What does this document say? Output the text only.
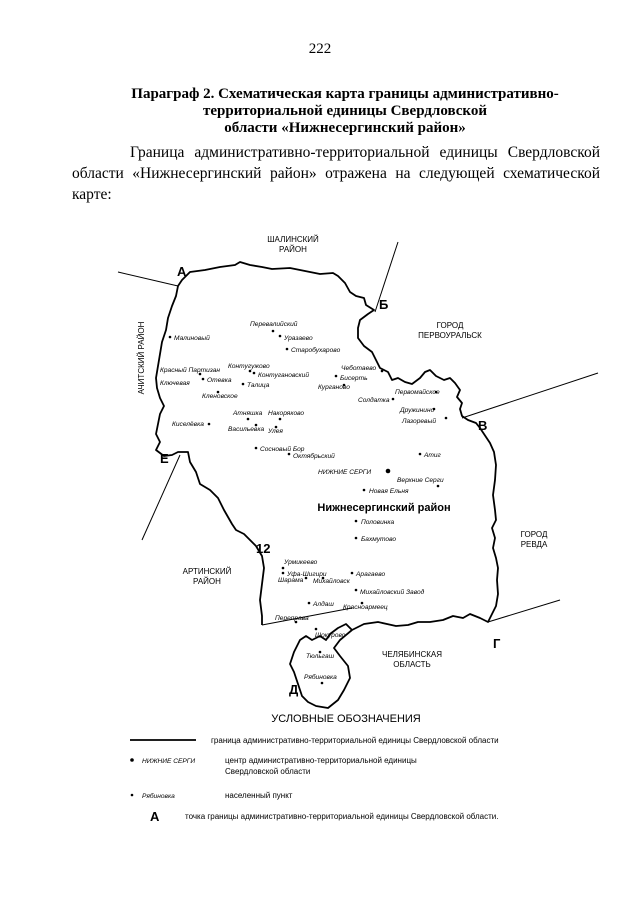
222
Параграф 2. Схематическая карта границы административно-
территориальной единицы Свердловской
области «Нижнесергинский район»
Граница административно-территориальной единицы Свердловской области «Нижнесергинский район» отражена на следующей схематической карте:
ШАЛИНСКИЙ
РАЙОН
ГОРОД
ПЕРВОУРАЛЬСК
ГОРОД
РЕВДА
АРТИНСКИЙ
РАЙОН
ЧЕЛЯБИНСКАЯ
ОБЛАСТЬ
АЧИТСКИЙ РАЙОН
А
Б
В
Г
Д
Е
12
Перевалийский
Уразаево
Старобухарово
Малиновый
Контугужово	Чеботаево
Красный Партизан
Контугановский	Бисерть
Отевка
Ключевая	Талица	Курганово
Первомайское
Кленовское
Солдатка
Дружинино
Атняшка Накоряково
Лазоревый
Киселёвка
Васильевка Улея
Сосновый Бор
Октябрьский	Атиг
НИЖНИЕ СЕРГИ
Верхние Серги
Новая Ельня
Половинка
Бахмутово
Урмикеево
Уфа-Шигири	Арагаево
Шарама Михайловск
Михайловский Завод
Алдаш Красноармеец
Переправа
Шокурово
Тюльгаш
Рябиновка
Нижнесергинский район
УСЛОВНЫЕ ОБОЗНАЧЕНИЯ
граница административно-территориальной единицы Свердловской области
НИЖНИЕ СЕРГИ	центр административно-территориальной единицы
Свердловской области
Рябиновка	населенный пункт
А	точка границы административно-территориальной единицы Свердловской области.
